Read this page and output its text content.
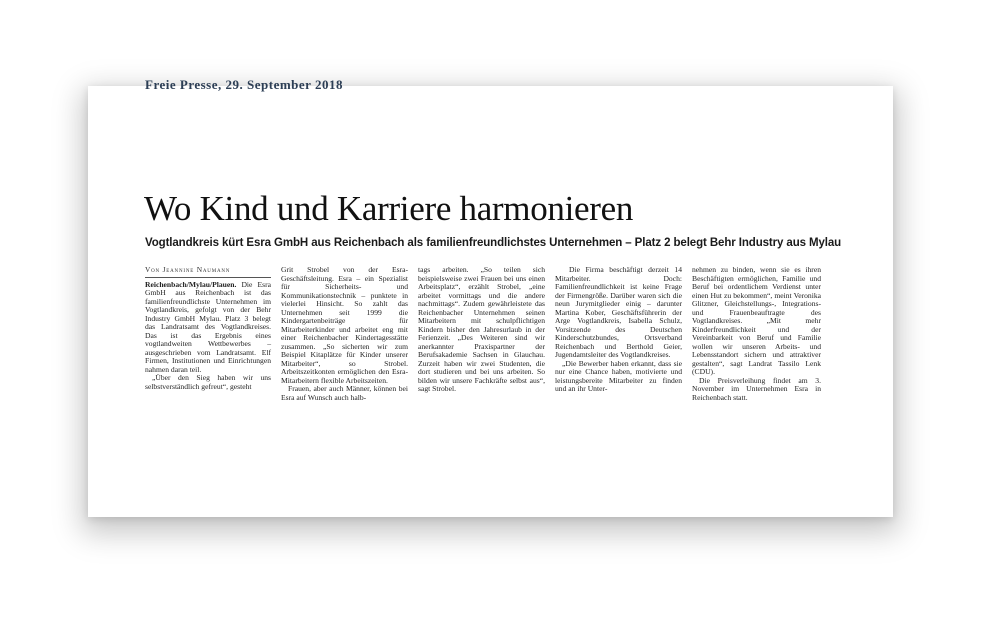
Freie Presse, 29. September 2018
Wo Kind und Karriere harmonieren
Vogtlandkreis kürt Esra GmbH aus Reichenbach als familienfreundlichstes Unternehmen – Platz 2 belegt Behr Industry aus Mylau
Von Jeannine Naumann

Reichenbach/Mylau/Plauen. Die Esra GmbH aus Reichenbach ist das familienfreundlichste Unternehmen im Vogtlandkreis, gefolgt von der Behr Industry GmbH Mylau. Platz 3 belegt das Landratsamt des Vogtlandkreises. Das ist das Ergebnis eines vogtlandweiten Wettbewerbes – ausgeschrieben vom Landratsamt. Elf Firmen, Institutionen und Einrichtungen nahmen daran teil.

„Über den Sieg haben wir uns selbstverständlich gefreut“, gesteht

Grit Strobel von der Esra-Geschäftsleitung. Esra – ein Spezialist für Sicherheits- und Kommunikationstechnik – punktete in vielerlei Hinsicht. So zahlt das Unternehmen seit 1999 die Kindergartenbeiträge für Mitarbeiterkinder und arbeitet eng mit einer Reichenbacher Kindertagesstätte zusammen. „So sicherten wir zum Beispiel Kitaplätze für Kinder unserer Mitarbeiter“, so Strobel. Arbeitszeitkonten ermöglichen den Esra-Mitarbeitern flexible Arbeitszeiten.

Frauen, aber auch Männer, können bei Esra auf Wunsch auch halb-

tags arbeiten. „So teilen sich beispielsweise zwei Frauen bei uns einen Arbeitsplatz“, erzählt Strobel, „eine arbeitet vormittags und die andere nachmittags“. Zudem gewährleistete das Reichenbacher Unternehmen seinen Mitarbeitern mit schulpflichtigen Kindern bisher den Jahresurlaub in der Ferienzeit. „Des Weiteren sind wir anerkannter Praxispartner der Berufsakademie Sachsen in Glauchau. Zurzeit haben wir zwei Studenten, die dort studieren und bei uns arbeiten. So bilden wir unsere Fachkräfte selbst aus“, sagt Strobel.

Die Firma beschäftigt derzeit 14 Mitarbeiter. Doch: Familienfreundlichkeit ist keine Frage der Firmengröße. Darüber waren sich die neun Jurymitglieder einig – darunter Martina Kober, Geschäftsführerin der Arge Vogtlandkreis, Isabella Schulz, Vorsitzende des Deutschen Kinderschutzbundes, Ortsverband Reichenbach und Berthold Geier, Jugendamtsleiter des Vogtlandkreises.

„Die Bewerber haben erkannt, dass sie nur eine Chance haben, motivierte und leistungsbereite Mitarbeiter zu finden und an ihr Unter-

nehmen zu binden, wenn sie es ihren Beschäftigten ermöglichen, Familie und Beruf bei ordentlichem Verdienst unter einen Hut zu bekommen“, meint Veronika Glitzner, Gleichstellungs-, Integrations- und Frauenbeauftragte des Vogtlandkreises. „Mit mehr Kinderfreundlichkeit und der Vereinbarkeit von Beruf und Familie wollen wir unseren Arbeits- und Lebensstandort sichern und attraktiver gestalten“, sagt Landrat Tassilo Lenk (CDU).

Die Preisverleihung findet am 3. November im Unternehmen Esra in Reichenbach statt.
